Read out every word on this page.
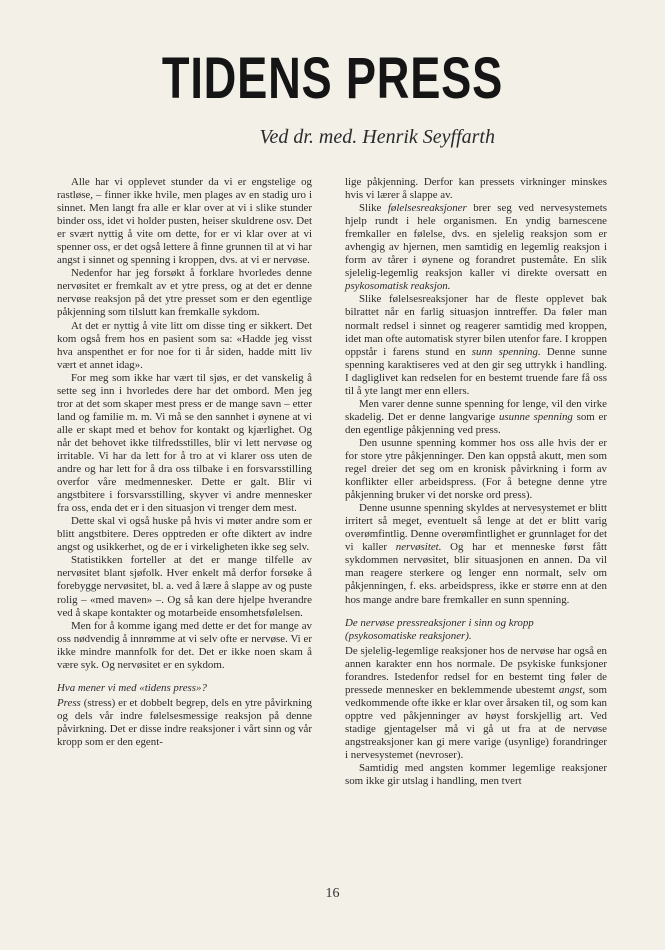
TIDENS PRESS
Ved dr. med. Henrik Seyffarth

Alle har vi opplevet stunder da vi er engstelige og rastløse, – finner ikke hvile, men plages av en stadig uro i sinnet. Men langt fra alle er klar over at vi i slike stunder binder oss, idet vi holder pusten, heiser skuldrene osv. Det er svært nyttig å vite om dette, for er vi klar over at vi spenner oss, er det også lettere å finne grunnen til at vi har angst i sinnet og spenning i kroppen, dvs. at vi er nervøse.

Nedenfor har jeg forsøkt å forklare hvorledes denne nervøsitet er fremkalt av et ytre press, og at det er denne nervøse reaksjon på det ytre presset som er den egentlige påkjenning som tilslutt kan fremkalle sykdom.

At det er nyttig å vite litt om disse ting er sikkert. Det kom også frem hos en pasient som sa: «Hadde jeg visst hva anspenthet er for noe for ti år siden, hadde mitt liv vært et annet idag».

For meg som ikke har vært til sjøs, er det vanskelig å sette seg inn i hvorledes dere har det ombord. Men jeg tror at det som skaper mest press er de mange savn – etter land og familie m. m. Vi må se den sannhet i øynene at vi alle er skapt med et behov for kontakt og kjærlighet. Og når det behovet ikke tilfredsstilles, blir vi lett nervøse og irritable. Vi har da lett for å tro at vi klarer oss uten de andre og har lett for å dra oss tilbake i en forsvarsstilling overfor våre medmennesker. Dette er galt. Blir vi angstbitere i forsvarsstilling, skyver vi andre mennesker fra oss, enda det er i den situasjon vi trenger dem mest.

Dette skal vi også huske på hvis vi møter andre som er blitt angstbitere. Deres opptreden er ofte diktert av indre angst og usikkerhet, og de er i virkeligheten ikke seg selv.

Statistikken forteller at det er mange tilfelle av nervøsitet blant sjøfolk. Hver enkelt må derfor forsøke å forebygge nervøsitet, bl. a. ved å lære å slappe av og puste rolig – «med maven» –. Og så kan dere hjelpe hverandre ved å skape kontakter og motarbeide ensomhetsfølelsen.

Men for å komme igang med dette er det for mange av oss nødvendig å innrømme at vi selv ofte er nervøse. Vi er ikke mindre mannfolk for det. Det er ikke noen skam å være syk. Og nervøsitet er en sykdom.

Hva mener vi med «tidens press»?

Press (stress) er et dobbelt begrep, dels en ytre påvirkning og dels vår indre følelsesmessige reaksjon på denne påvirkning. Det er disse indre reaksjoner i vårt sinn og vår kropp som er den egent-

lige påkjenning. Derfor kan pressets virkninger minskes hvis vi lærer å slappe av.

Slike følelsesreaksjoner brer seg ved nervesystemets hjelp rundt i hele organismen. En yndig barnescene fremkaller en følelse, dvs. en sjelelig reaksjon som er avhengig av hjernen, men samtidig en legemlig reaksjon i form av tårer i øynene og forandret pustemåte. En slik sjelelig-legemlig reaksjon kaller vi direkte oversatt en psykosomatisk reaksjon.

Slike følelsesreaksjoner har de fleste opplevet bak bilrattet når en farlig situasjon inntreffer. Da føler man normalt redsel i sinnet og reagerer samtidig med kroppen, idet man ofte automatisk styrer bilen utenfor fare. I kroppen oppstår i farens stund en sunn spenning. Denne sunne spenning karaktiseres ved at den gir seg uttrykk i handling. I dagliglivet kan redselen for en bestemt truende fare få oss til å yte langt mer enn ellers.

Men varer denne sunne spenning for lenge, vil den virke skadelig. Det er denne langvarige usunne spenning som er den egentlige påkjenning ved press.

Den usunne spenning kommer hos oss alle hvis der er for store ytre påkjenninger. Den kan oppstå akutt, men som regel dreier det seg om en kronisk påvirkning i form av konflikter eller arbeidspress. (For å betegne denne ytre påkjenning bruker vi det norske ord press).

Denne usunne spenning skyldes at nervesystemet er blitt irritert så meget, eventuelt så lenge at det er blitt varig overømfintlig. Denne overømfintlighet er grunnlaget for det vi kaller nervøsitet. Og har et menneske først fått sykdommen nervøsitet, blir situasjonen en annen. Da vil man reagere sterkere og lenger enn normalt, selv om påkjenningen, f. eks. arbeidspress, ikke er større enn at den hos mange andre bare fremkaller en sunn spenning.

De nervøse pressreaksjoner i sinn og kropp (psykosomatiske reaksjoner).

De sjelelig-legemlige reaksjoner hos de nervøse har også en annen karakter enn hos normale. De psykiske funksjoner forandres. Istedenfor redsel for en bestemt ting føler de pressede mennesker en beklemmende ubestemt angst, som vedkommende ofte ikke er klar over årsaken til, og som kan opptre ved påkjenninger av høyst forskjellig art. Ved stadige gjentagelser må vi gå ut fra at de nervøse angstreaksjoner kan gi mere varige (usynlige) forandringer i nervesystemet (nevroser).

Samtidig med angsten kommer legemlige reaksjoner som ikke gir utslag i handling, men tvert

16
